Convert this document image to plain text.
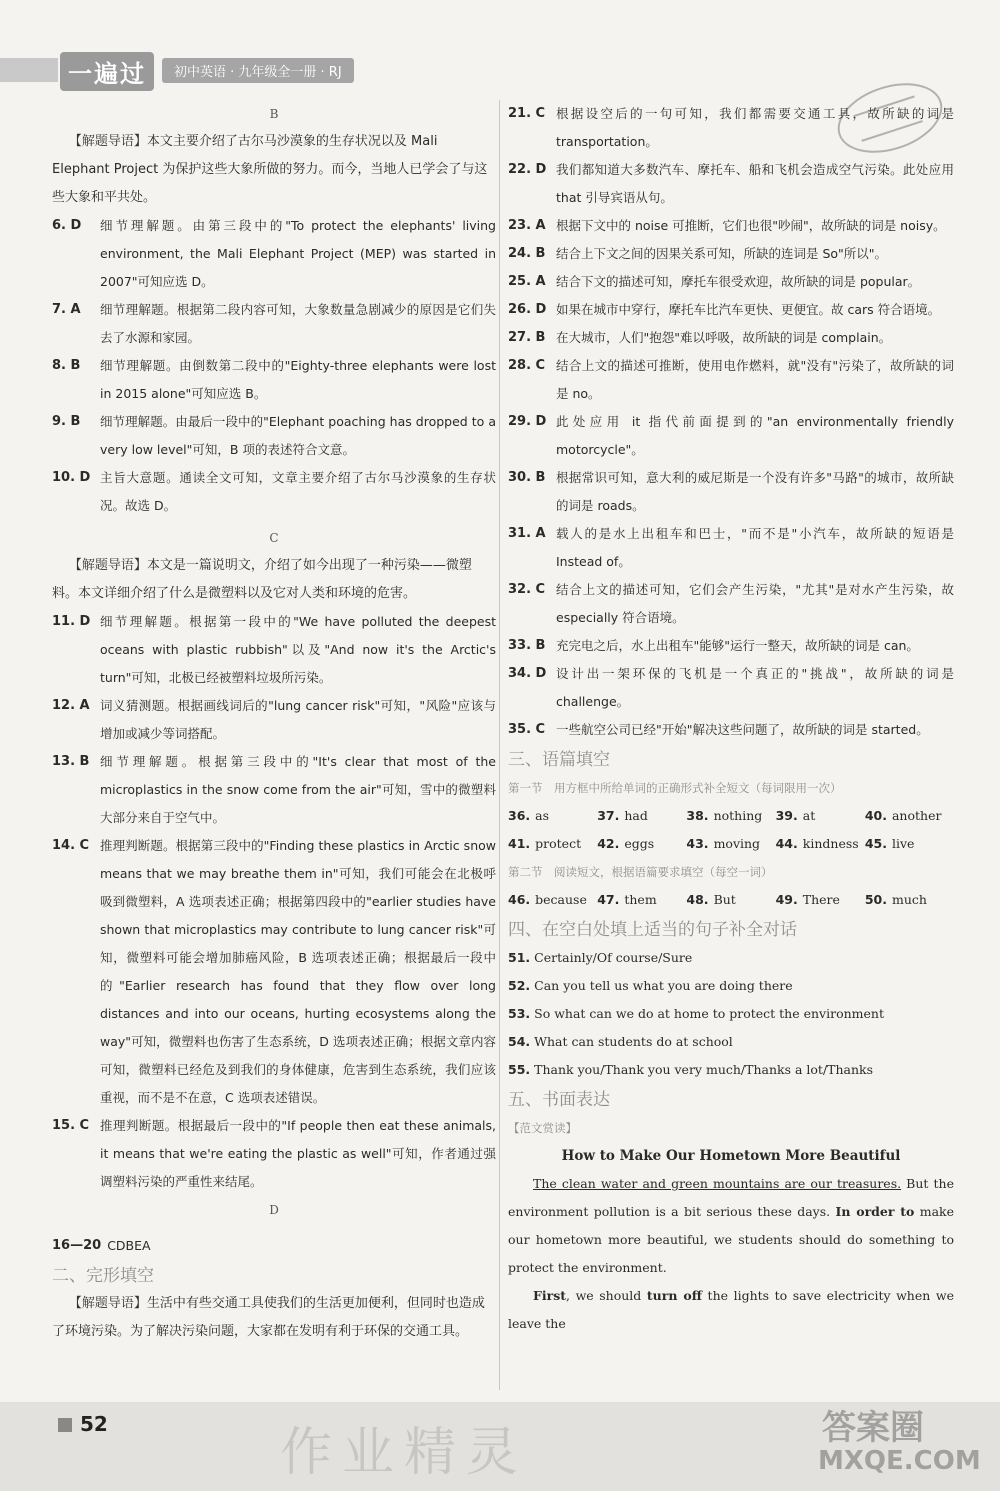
一遍过	初中英语 · 九年级全一册 · RJ
B
【解题导语】本文主要介绍了古尔马沙漠象的生存状况以及 Mali Elephant Project 为保护这些大象所做的努力。而今，当地人已学会了与这些大象和平共处。
6. D	细节理解题。由第三段中的"To protect the elephants' living environment, the Mali Elephant Project (MEP) was started in 2007"可知应选 D。
7. A	细节理解题。根据第二段内容可知，大象数量急剧减少的原因是它们失去了水源和家园。
8. B	细节理解题。由倒数第二段中的"Eighty-three elephants were lost in 2015 alone"可知应选 B。
9. B	细节理解题。由最后一段中的"Elephant poaching has dropped to a very low level"可知，B 项的表述符合文意。
10. D 主旨大意题。通读全文可知，文章主要介绍了古尔马沙漠象的生存状况。故选 D。
C
【解题导语】本文是一篇说明文，介绍了如今出现了一种污染——微塑料。本文详细介绍了什么是微塑料以及它对人类和环境的危害。
11. D 细节理解题。根据第一段中的"We have polluted the deepest oceans with plastic rubbish"以及"And now it's the Arctic's turn"可知，北极已经被塑料垃圾所污染。
12. A 词义猜测题。根据画线词后的"lung cancer risk"可知，"风险"应该与增加或减少等词搭配。
13. B 细节理解题。根据第三段中的"It's clear that most of the microplastics in the snow come from the air"可知，雪中的微塑料大部分来自于空气中。
14. C 推理判断题。根据第三段中的"Finding these plastics in Arctic snow means that we may breathe them in"可知，我们可能会在北极呼吸到微塑料，A 选项表述正确；根据第四段中的"earlier studies have shown that microplastics may contribute to lung cancer risk"可知，微塑料可能会增加肺癌风险，B 选项表述正确；根据最后一段中的"Earlier research has found that they flow over long distances and into our oceans, hurting ecosystems along the way"可知，微塑料也伤害了生态系统，D 选项表述正确；根据文章内容可知，微塑料已经危及到我们的身体健康，危害到生态系统，我们应该重视，而不是不在意，C 选项表述错误。
15. C 推理判断题。根据最后一段中的"If people then eat these animals, it means that we're eating the plastic as well"可知，作者通过强调塑料污染的严重性来结尾。
D
16—20 CDBEA
二、完形填空
【解题导语】生活中有些交通工具使我们的生活更加便利，但同时也造成了环境污染。为了解决污染问题，大家都在发明有利于环保的交通工具。
21. C 根据设空后的一句可知，我们都需要交通工具，故所缺的词是 transportation。
22. D 我们都知道大多数汽车、摩托车、船和飞机会造成空气污染。此处应用 that 引导宾语从句。
23. A 根据下文中的 noise 可推断，它们也很"吵闹"，故所缺的词是 noisy。
24. B 结合上下文之间的因果关系可知，所缺的连词是 So"所以"。
25. A 结合下文的描述可知，摩托车很受欢迎，故所缺的词是 popular。
26. D 如果在城市中穿行，摩托车比汽车更快、更便宜。故 cars 符合语境。
27. B 在大城市，人们"抱怨"难以呼吸，故所缺的词是 complain。
28. C 结合上文的描述可推断，使用电作燃料，就"没有"污染了，故所缺的词是 no。
29. D 此处应用 it 指代前面提到的"an environmentally friendly motorcycle"。
30. B 根据常识可知，意大利的威尼斯是一个没有许多"马路"的城市，故所缺的词是 roads。
31. A 载人的是水上出租车和巴士，"而不是"小汽车，故所缺的短语是 Instead of。
32. C 结合上文的描述可知，它们会产生污染，"尤其"是对水产生污染，故 especially 符合语境。
33. B 充完电之后，水上出租车"能够"运行一整天，故所缺的词是 can。
34. D 设计出一架环保的飞机是一个真正的"挑战"，故所缺的词是 challenge。
35. C 一些航空公司已经"开始"解决这些问题了，故所缺的词是 started。
三、语篇填空
第一节　用方框中所给单词的正确形式补全短文（每词限用一次）
36. as	37. had	38. nothing	39. at	40. another
41. protect	42. eggs	43. moving	44. kindness 45. live
第二节　阅读短文，根据语篇要求填空（每空一词）
46. because 47. them	48. But	49. There	50. much
四、在空白处填上适当的句子补全对话
51. Certainly/Of course/Sure
52. Can you tell us what you are doing there
53. So what can we do at home to protect the environment
54. What can students do at school
55. Thank you/Thank you very much/Thanks a lot/Thanks
五、书面表达
【范文赏读】
How to Make Our Hometown More Beautiful
The clean water and green mountains are our treasures. But the environment pollution is a bit serious these days. In order to make our hometown more beautiful, we students should do something to protect the environment.
First, we should turn off the lights to save electricity when we leave the
52	作业精灵	答案圈
MXQE.COM
